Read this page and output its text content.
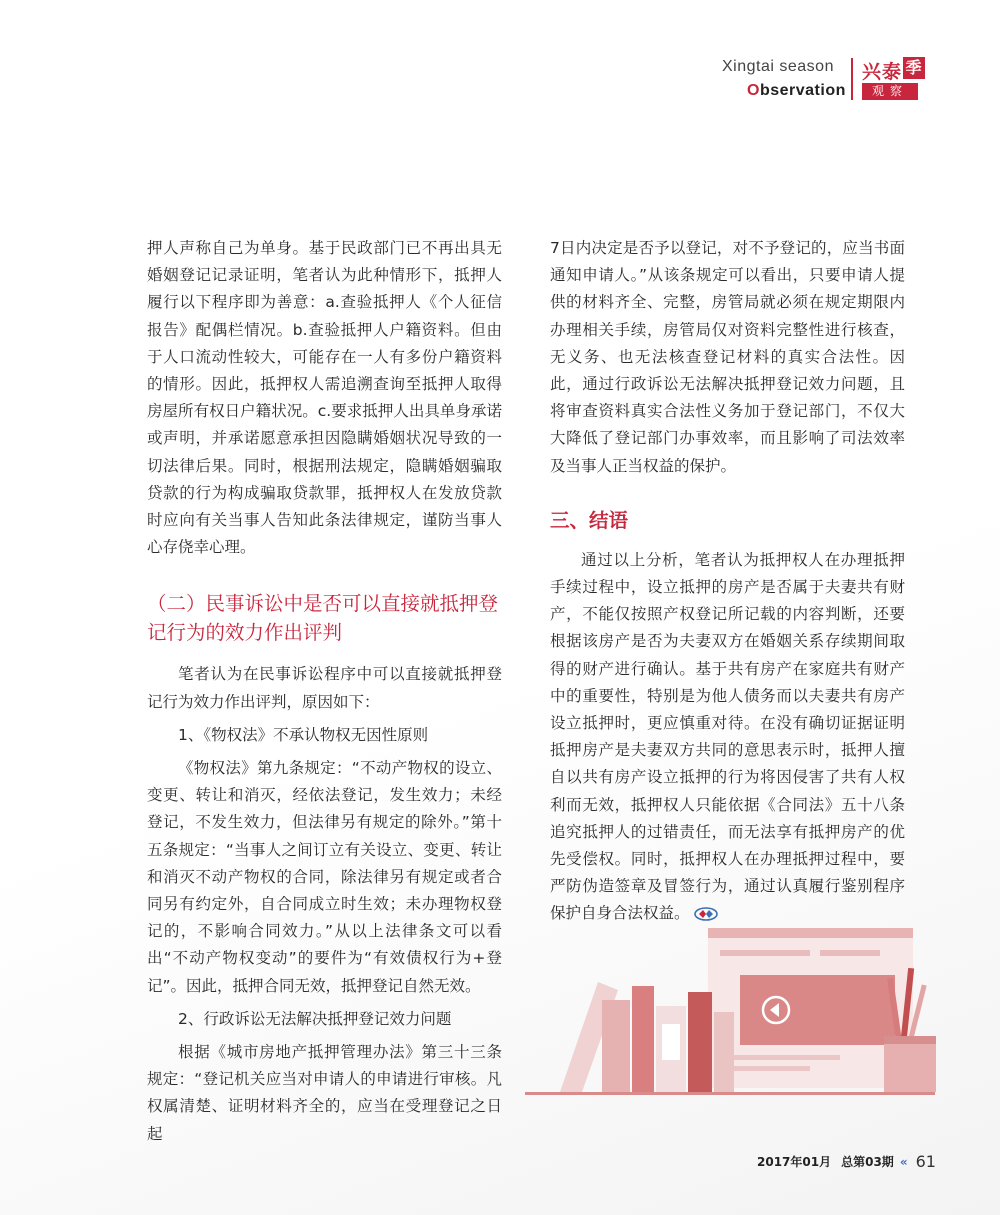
Xingtai season
Observation
兴泰 季
观察

押人声称自己为单身。基于民政部门已不再出具无婚姻登记记录证明，笔者认为此种情形下，抵押人履行以下程序即为善意：a.查验抵押人《个人征信报告》配偶栏情况。b.查验抵押人户籍资料。但由于人口流动性较大，可能存在一人有多份户籍资料的情形。因此，抵押权人需追溯查询至抵押人取得房屋所有权日户籍状况。c.要求抵押人出具单身承诺或声明，并承诺愿意承担因隐瞒婚姻状况导致的一切法律后果。同时，根据刑法规定，隐瞒婚姻骗取贷款的行为构成骗取贷款罪，抵押权人在发放贷款时应向有关当事人告知此条法律规定，谨防当事人心存侥幸心理。

（二）民事诉讼中是否可以直接就抵押登记行为的效力作出评判

笔者认为在民事诉讼程序中可以直接就抵押登记行为效力作出评判，原因如下：

1、《物权法》不承认物权无因性原则

《物权法》第九条规定：“不动产物权的设立、变更、转让和消灭，经依法登记，发生效力；未经登记，不发生效力，但法律另有规定的除外。”第十五条规定：“当事人之间订立有关设立、变更、转让和消灭不动产物权的合同，除法律另有规定或者合同另有约定外，自合同成立时生效；未办理物权登记的，不影响合同效力。”从以上法律条文可以看出“不动产物权变动”的要件为“有效债权行为+登记”。因此，抵押合同无效，抵押登记自然无效。

2、行政诉讼无法解决抵押登记效力问题

根据《城市房地产抵押管理办法》第三十三条规定：“登记机关应当对申请人的申请进行审核。凡权属清楚、证明材料齐全的，应当在受理登记之日起

7日内决定是否予以登记，对不予登记的，应当书面通知申请人。”从该条规定可以看出，只要申请人提供的材料齐全、完整，房管局就必须在规定期限内办理相关手续，房管局仅对资料完整性进行核查，无义务、也无法核查登记材料的真实合法性。因此，通过行政诉讼无法解决抵押登记效力问题，且将审查资料真实合法性义务加于登记部门，不仅大大降低了登记部门办事效率，而且影响了司法效率及当事人正当权益的保护。

三、结语

通过以上分析，笔者认为抵押权人在办理抵押手续过程中，设立抵押的房产是否属于夫妻共有财产，不能仅按照产权登记所记载的内容判断，还要根据该房产是否为夫妻双方在婚姻关系存续期间取得的财产进行确认。基于共有房产在家庭共有财产中的重要性，特别是为他人债务而以夫妻共有房产设立抵押时，更应慎重对待。在没有确切证据证明抵押房产是夫妻双方共同的意思表示时，抵押人擅自以共有房产设立抵押的行为将因侵害了共有人权利而无效，抵押权人只能依据《合同法》五十八条追究抵押人的过错责任，而无法享有抵押房产的优先受偿权。同时，抵押权人在办理抵押过程中，要严防伪造签章及冒签行为，通过认真履行鉴别程序保护自身合法权益。

2017年01月 总第03期 « 61
